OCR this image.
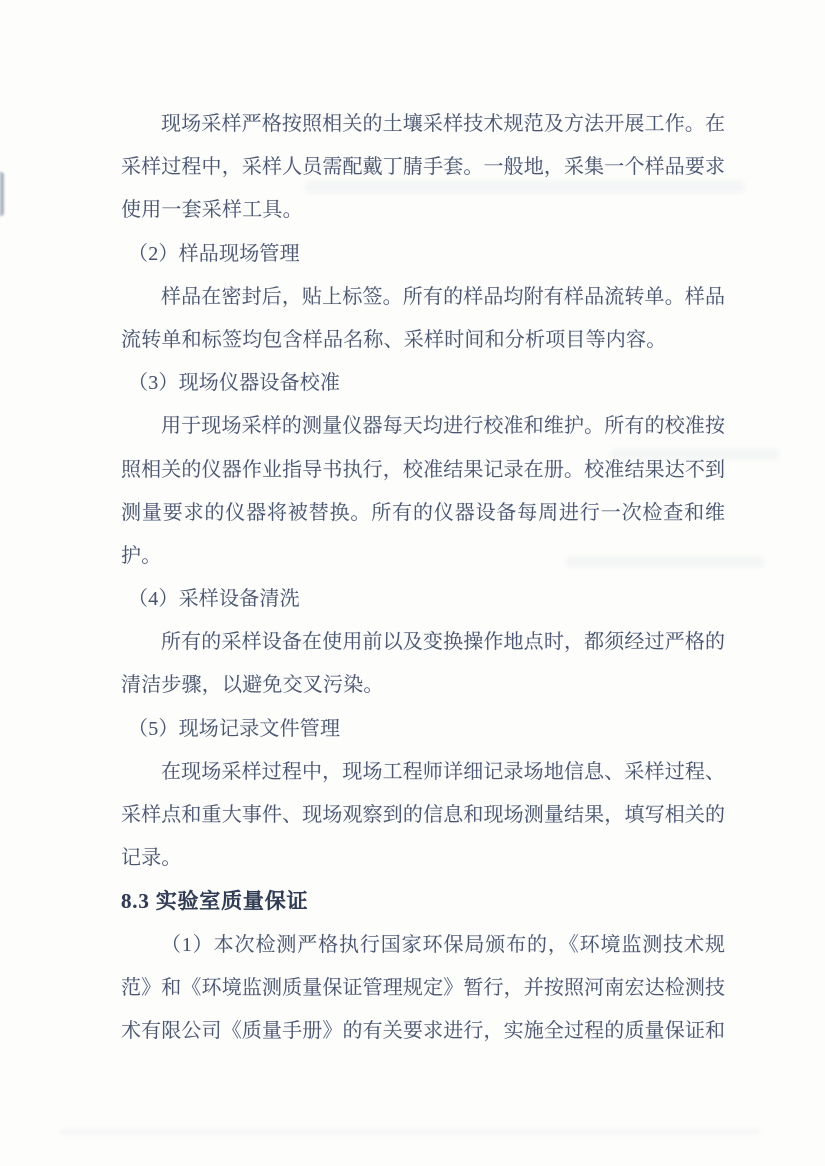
现场采样严格按照相关的土壤采样技术规范及方法开展工作。在
采样过程中，采样人员需配戴丁腈手套。一般地，采集一个样品要求
使用一套采样工具。
（2）样品现场管理
样品在密封后，贴上标签。所有的样品均附有样品流转单。样品
流转单和标签均包含样品名称、采样时间和分析项目等内容。
（3）现场仪器设备校准
用于现场采样的测量仪器每天均进行校准和维护。所有的校准按
照相关的仪器作业指导书执行，校准结果记录在册。校准结果达不到
测量要求的仪器将被替换。所有的仪器设备每周进行一次检查和维
护。
（4）采样设备清洗
所有的采样设备在使用前以及变换操作地点时，都须经过严格的
清洁步骤，以避免交叉污染。
（5）现场记录文件管理
在现场采样过程中，现场工程师详细记录场地信息、采样过程、
采样点和重大事件、现场观察到的信息和现场测量结果，填写相关的
记录。
8.3 实验室质量保证
（1）本次检测严格执行国家环保局颁布的，《环境监测技术规
范》和《环境监测质量保证管理规定》暂行，并按照河南宏达检测技
术有限公司《质量手册》的有关要求进行，实施全过程的质量保证和
